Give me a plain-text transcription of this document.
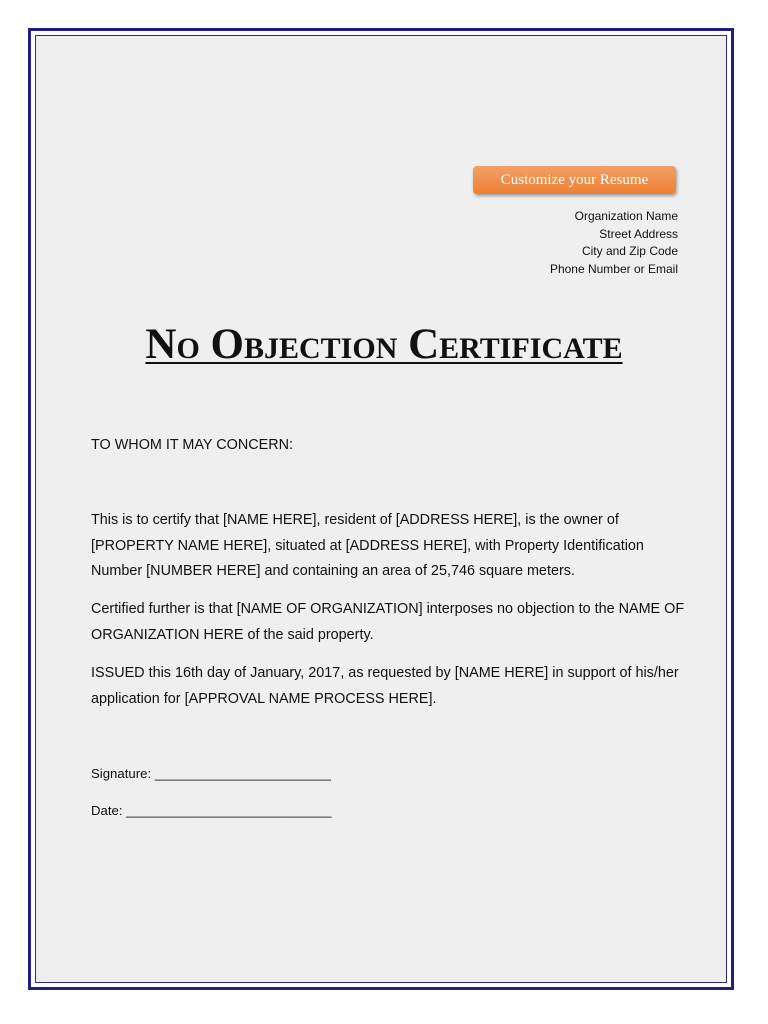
Customize your Resume
Organization Name
Street Address
City and Zip Code
Phone Number or Email
No Objection Certificate
TO WHOM IT MAY CONCERN:
This is to certify that [NAME HERE], resident of [ADDRESS HERE], is the owner of [PROPERTY NAME HERE], situated at [ADDRESS HERE], with Property Identification Number [NUMBER HERE] and containing an area of 25,746 square meters.
Certified further is that [NAME OF ORGANIZATION] interposes no objection to the NAME OF ORGANIZATION HERE of the said property.
ISSUED this 16th day of January, 2017, as requested by [NAME HERE] in support of his/her application for [APPROVAL NAME PROCESS HERE].
Signature: ________________________
Date: ____________________________
